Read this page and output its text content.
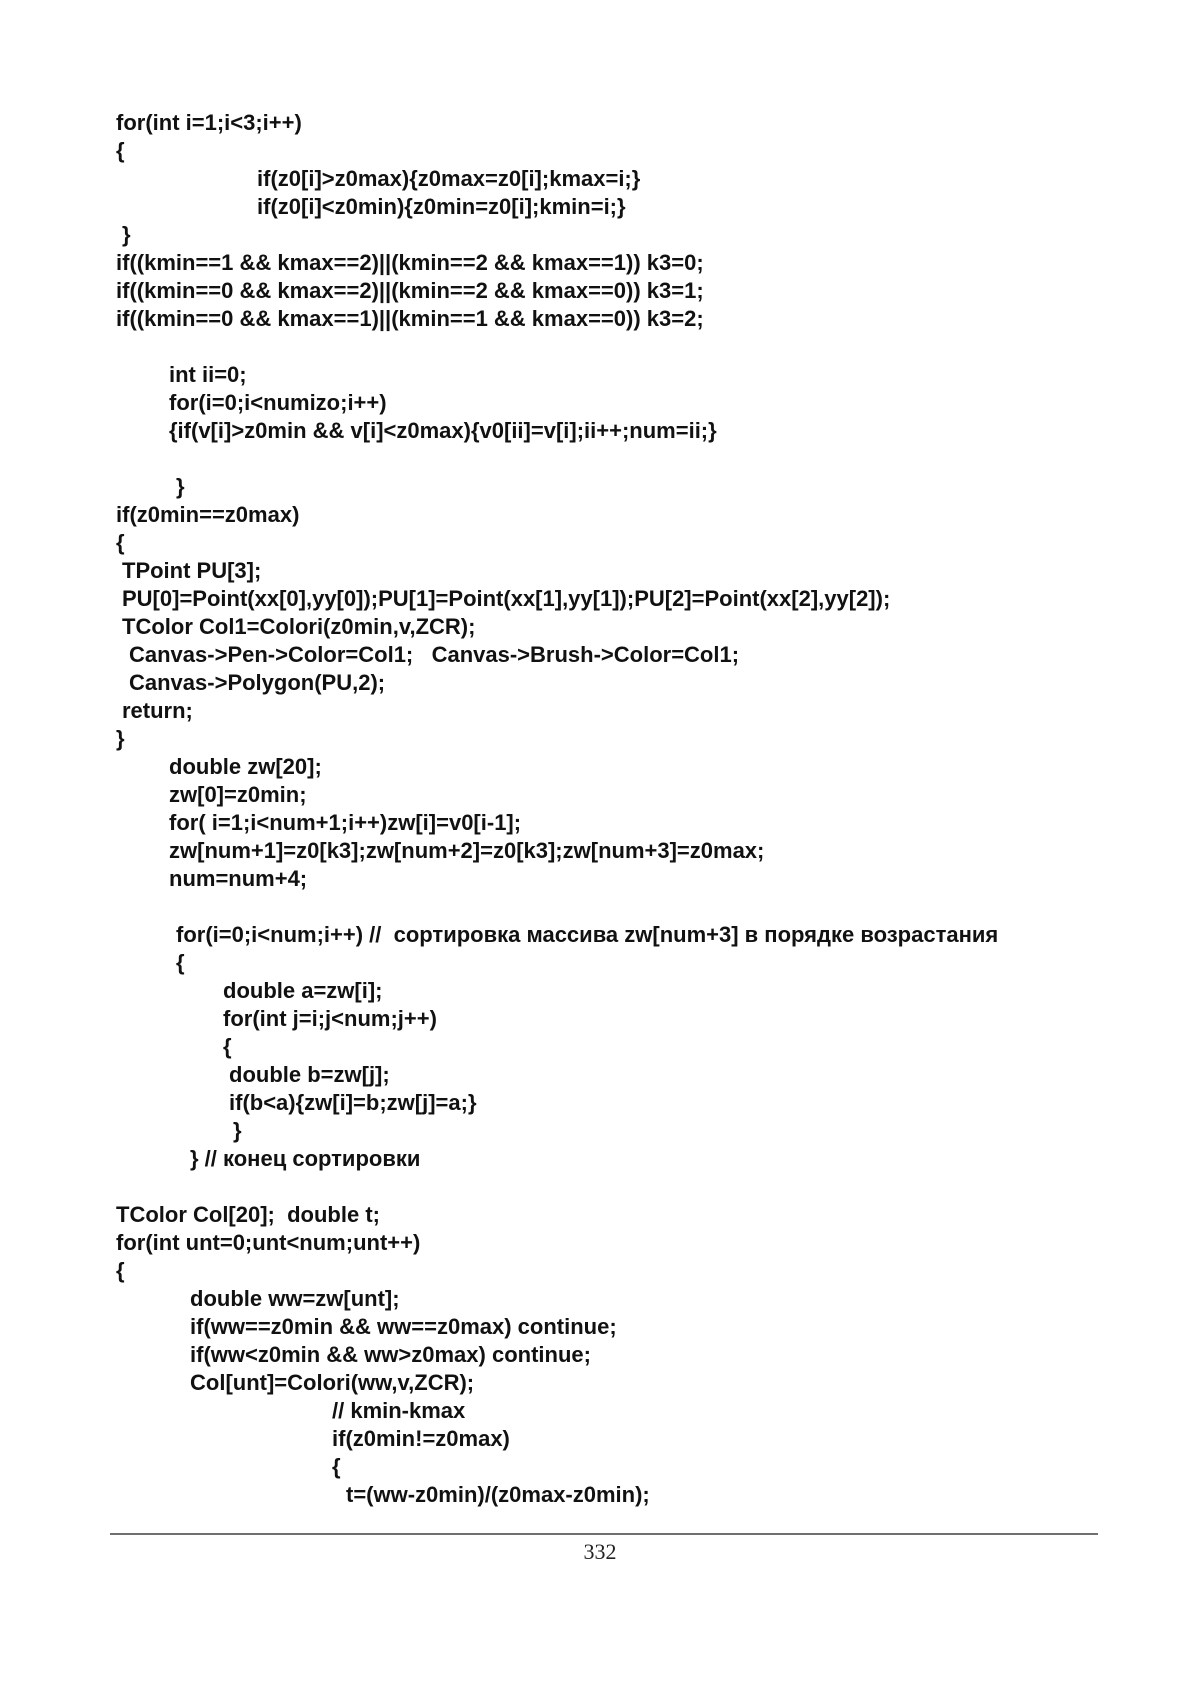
for(int i=1;i<3;i++)
{
if(z0[i]>z0max){z0max=z0[i];kmax=i;}
if(z0[i]<z0min){z0min=z0[i];kmin=i;}
}
if((kmin==1 && kmax==2)||(kmin==2 && kmax==1)) k3=0;
if((kmin==0 && kmax==2)||(kmin==2 && kmax==0)) k3=1;
if((kmin==0 && kmax==1)||(kmin==1 && kmax==0)) k3=2;
int ii=0;
for(i=0;i<numizo;i++)
{if(v[i]>z0min && v[i]<z0max){v0[ii]=v[i];ii++;num=ii;}
}
if(z0min==z0max)
{
TPoint PU[3];
PU[0]=Point(xx[0],yy[0]);PU[1]=Point(xx[1],yy[1]);PU[2]=Point(xx[2],yy[2]);
TColor Col1=Colori(z0min,v,ZCR);
Canvas->Pen->Color=Col1;   Canvas->Brush->Color=Col1;
Canvas->Polygon(PU,2);
return;
}
double zw[20];
zw[0]=z0min;
for( i=1;i<num+1;i++)zw[i]=v0[i-1];
zw[num+1]=z0[k3];zw[num+2]=z0[k3];zw[num+3]=z0max;
num=num+4;
for(i=0;i<num;i++) //  сортировка массива zw[num+3] в порядке возрастания
{
double a=zw[i];
for(int j=i;j<num;j++)
{
double b=zw[j];
if(b<a){zw[i]=b;zw[j]=a;}
}
} // конец сортировки
TColor Col[20];  double t;
for(int unt=0;unt<num;unt++)
{
double ww=zw[unt];
if(ww==z0min && ww==z0max) continue;
if(ww<z0min && ww>z0max) continue;
Col[unt]=Colori(ww,v,ZCR);
// kmin-kmax
if(z0min!=z0max)
{
t=(ww-z0min)/(z0max-z0min);
332
